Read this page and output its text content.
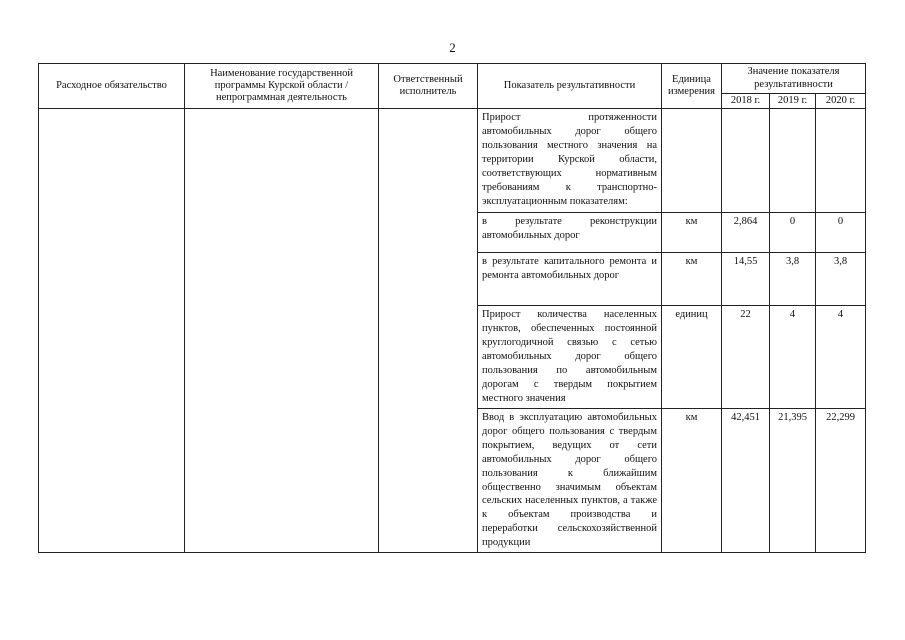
2
Расходное обязательство	Наименование государственной программы Курской области / непрограммная деятельность	Ответственный исполнитель	Показатель результативности	Единица измерения	Значение показателя результативности		
					2018 г.	2019 г.	2020 г.
			Прирост протяженности автомобильных дорог общего пользования местного значения на территории Курской области, соответствующих нормативным требованиям к транспортно-эксплуатационным показателям:				
			в результате реконструкции автомобильных дорог	км	2,864	0	0
			в результате капитального ремонта и ремонта автомобильных дорог	км	14,55	3,8	3,8
			Прирост количества населенных пунктов, обеспеченных постоянной круглогодичной связью с сетью автомобильных дорог общего пользования по автомобильным дорогам с твердым покрытием местного значения	единиц	22	4	4
			Ввод в эксплуатацию автомобильных дорог общего пользования с твердым покрытием, ведущих от сети автомобильных дорог общего пользования к ближайшим общественно значимым объектам сельских населенных пунктов, а также к объектам производства и переработки сельскохозяйственной продукции	км	42,451	21,395	22,299
